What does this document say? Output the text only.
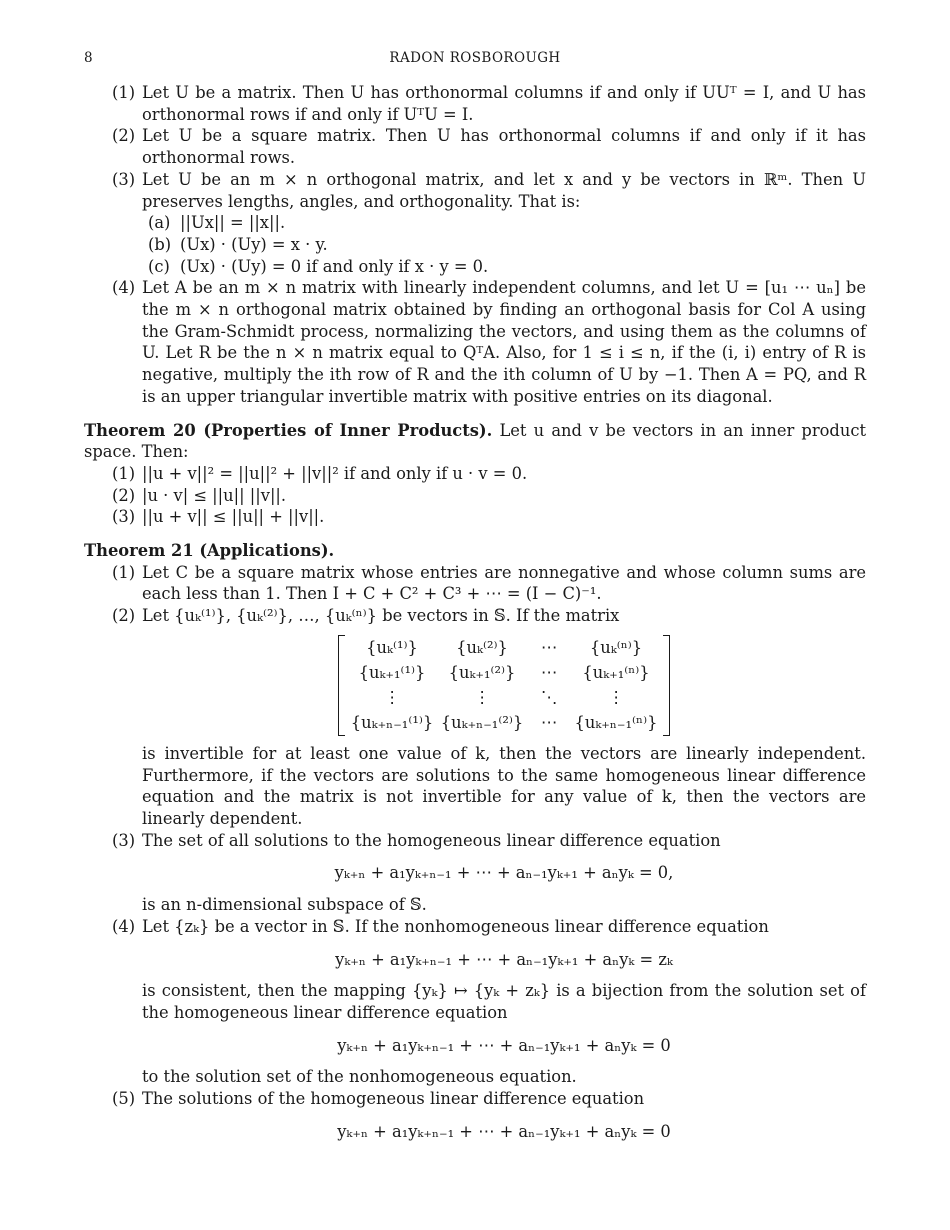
8	RADON ROSBOROUGH
(1) Let U be a matrix. Then U has orthonormal columns if and only if UUᵀ = I, and U has orthonormal rows if and only if UᵀU = I.
(2) Let U be a square matrix. Then U has orthonormal columns if and only if it has orthonormal rows.
(3) Let U be an m × n orthogonal matrix, and let x and y be vectors in ℝᵐ. Then U preserves lengths, angles, and orthogonality. That is:
(a) ||Ux|| = ||x||.
(b) (Ux) · (Uy) = x · y.
(c) (Ux) · (Uy) = 0 if and only if x · y = 0.
(4) Let A be an m × n matrix with linearly independent columns, and let U = [u₁ ⋯ uₙ] be the m × n orthogonal matrix obtained by finding an orthogonal basis for Col A using the Gram-Schmidt process, normalizing the vectors, and using them as the columns of U. Let R be the n × n matrix equal to QᵀA. Also, for 1 ≤ i ≤ n, if the (i, i) entry of R is negative, multiply the ith row of R and the ith column of U by −1. Then A = PQ, and R is an upper triangular invertible matrix with positive entries on its diagonal.
Theorem 20 (Properties of Inner Products). Let u and v be vectors in an inner product space. Then:
(1) ||u + v||² = ||u||² + ||v||² if and only if u · v = 0.
(2) |u · v| ≤ ||u|| ||v||.
(3) ||u + v|| ≤ ||u|| + ||v||.
Theorem 21 (Applications).
(1) Let C be a square matrix whose entries are nonnegative and whose column sums are each less than 1. Then I + C + C² + C³ + ⋯ = (I − C)⁻¹.
(2) Let {uₖ⁽¹⁾}, {uₖ⁽²⁾}, …, {uₖ⁽ⁿ⁾} be vectors in 𝕊. If the matrix
{uₖ⁽¹⁾}	{uₖ⁽²⁾}	⋯	{uₖ⁽ⁿ⁾}
{uₖ₊₁⁽¹⁾}	{uₖ₊₁⁽²⁾}	⋯	{uₖ₊₁⁽ⁿ⁾}
⋮	⋮	⋱	⋮
{uₖ₊ₙ₋₁⁽¹⁾} {uₖ₊ₙ₋₁⁽²⁾}	⋯	{uₖ₊ₙ₋₁⁽ⁿ⁾}
is invertible for at least one value of k, then the vectors are linearly independent. Furthermore, if the vectors are solutions to the same homogeneous linear difference equation and the matrix is not invertible for any value of k, then the vectors are linearly dependent.
(3) The set of all solutions to the homogeneous linear difference equation
yₖ₊ₙ + a₁yₖ₊ₙ₋₁ + ⋯ + aₙ₋₁yₖ₊₁ + aₙyₖ = 0,
is an n-dimensional subspace of 𝕊.
(4) Let {zₖ} be a vector in 𝕊. If the nonhomogeneous linear difference equation
yₖ₊ₙ + a₁yₖ₊ₙ₋₁ + ⋯ + aₙ₋₁yₖ₊₁ + aₙyₖ = zₖ
is consistent, then the mapping {yₖ} ↦ {yₖ + zₖ} is a bijection from the solution set of the homogeneous linear difference equation
yₖ₊ₙ + a₁yₖ₊ₙ₋₁ + ⋯ + aₙ₋₁yₖ₊₁ + aₙyₖ = 0
to the solution set of the nonhomogeneous equation.
(5) The solutions of the homogeneous linear difference equation
yₖ₊ₙ + a₁yₖ₊ₙ₋₁ + ⋯ + aₙ₋₁yₖ₊₁ + aₙyₖ = 0
